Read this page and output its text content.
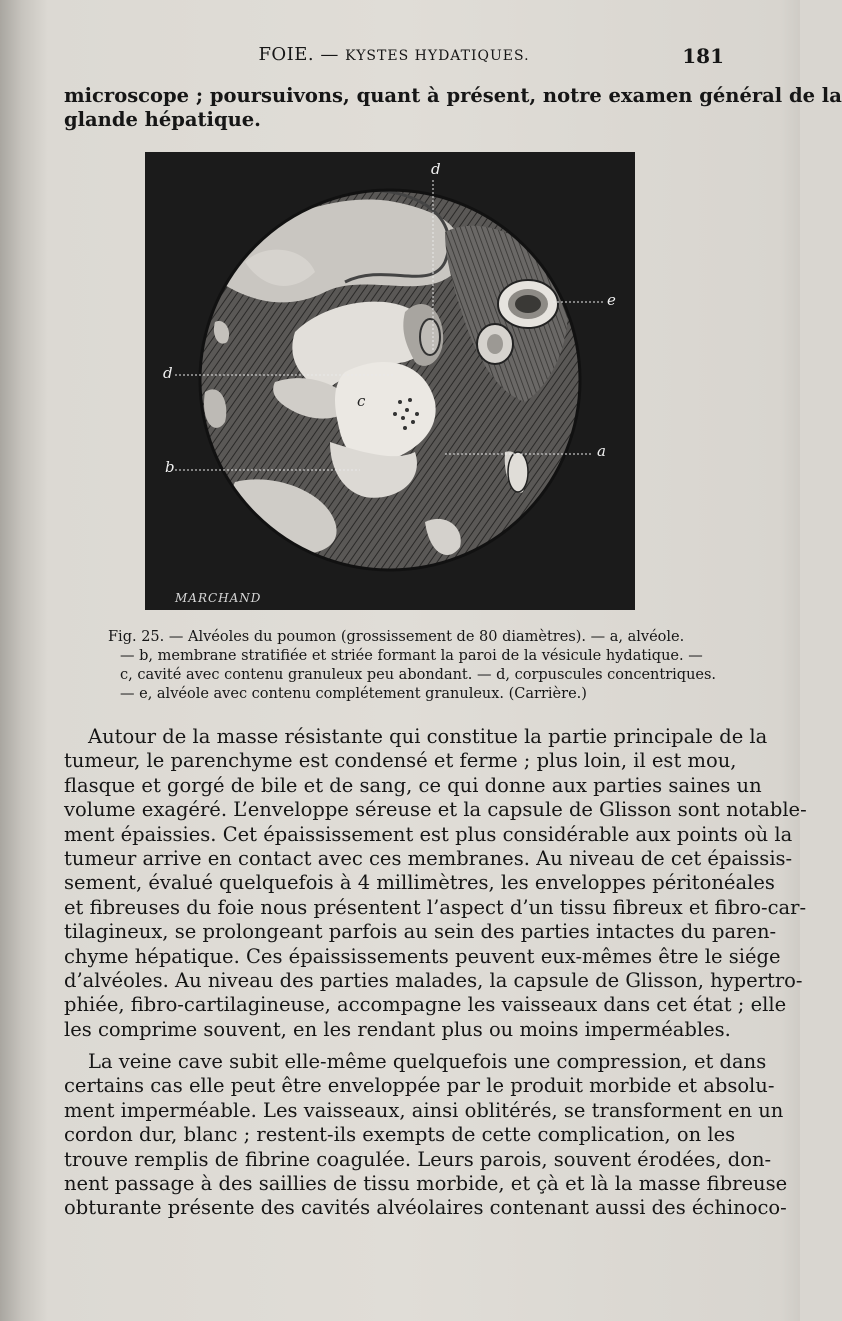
FOIE. — KYSTES HYDATIQUES.	181

microscope ; poursuivons, quant à présent, notre examen général de la
glande hépatique.

d
d
b
a
e
c
MARCHAND
Fig. 25. — Alvéoles du poumon (grossissement de 80 diamètres). — a, alvéole.
— b, membrane stratifiée et striée formant la paroi de la vésicule hydatique. —
c, cavité avec contenu granuleux peu abondant. — d, corpuscules concentriques.
— e, alvéole avec contenu complétement granuleux. (Carrière.)

Autour de la masse résistante qui constitue la partie principale de la
tumeur, le parenchyme est condensé et ferme ; plus loin, il est mou,
flasque et gorgé de bile et de sang, ce qui donne aux parties saines un
volume exagéré. L’enveloppe séreuse et la capsule de Glisson sont notable-
ment épaissies. Cet épaississement est plus considérable aux points où la
tumeur arrive en contact avec ces membranes. Au niveau de cet épaissis-
sement, évalué quelquefois à 4 millimètres, les enveloppes péritonéales
et fibreuses du foie nous présentent l’aspect d’un tissu fibreux et fibro-car-
tilagineux, se prolongeant parfois au sein des parties intactes du paren-
chyme hépatique. Ces épaississements peuvent eux-mêmes être le siége
d’alvéoles. Au niveau des parties malades, la capsule de Glisson, hypertro-
phiée, fibro-cartilagineuse, accompagne les vaisseaux dans cet état ; elle
les comprime souvent, en les rendant plus ou moins imperméables.

La veine cave subit elle-même quelquefois une compression, et dans
certains cas elle peut être enveloppée par le produit morbide et absolu-
ment imperméable. Les vaisseaux, ainsi oblitérés, se transforment en un
cordon dur, blanc ; restent-ils exempts de cette complication, on les
trouve remplis de fibrine coagulée. Leurs parois, souvent érodées, don-
nent passage à des saillies de tissu morbide, et çà et là la masse fibreuse
obturante présente des cavités alvéolaires contenant aussi des échinoco-
